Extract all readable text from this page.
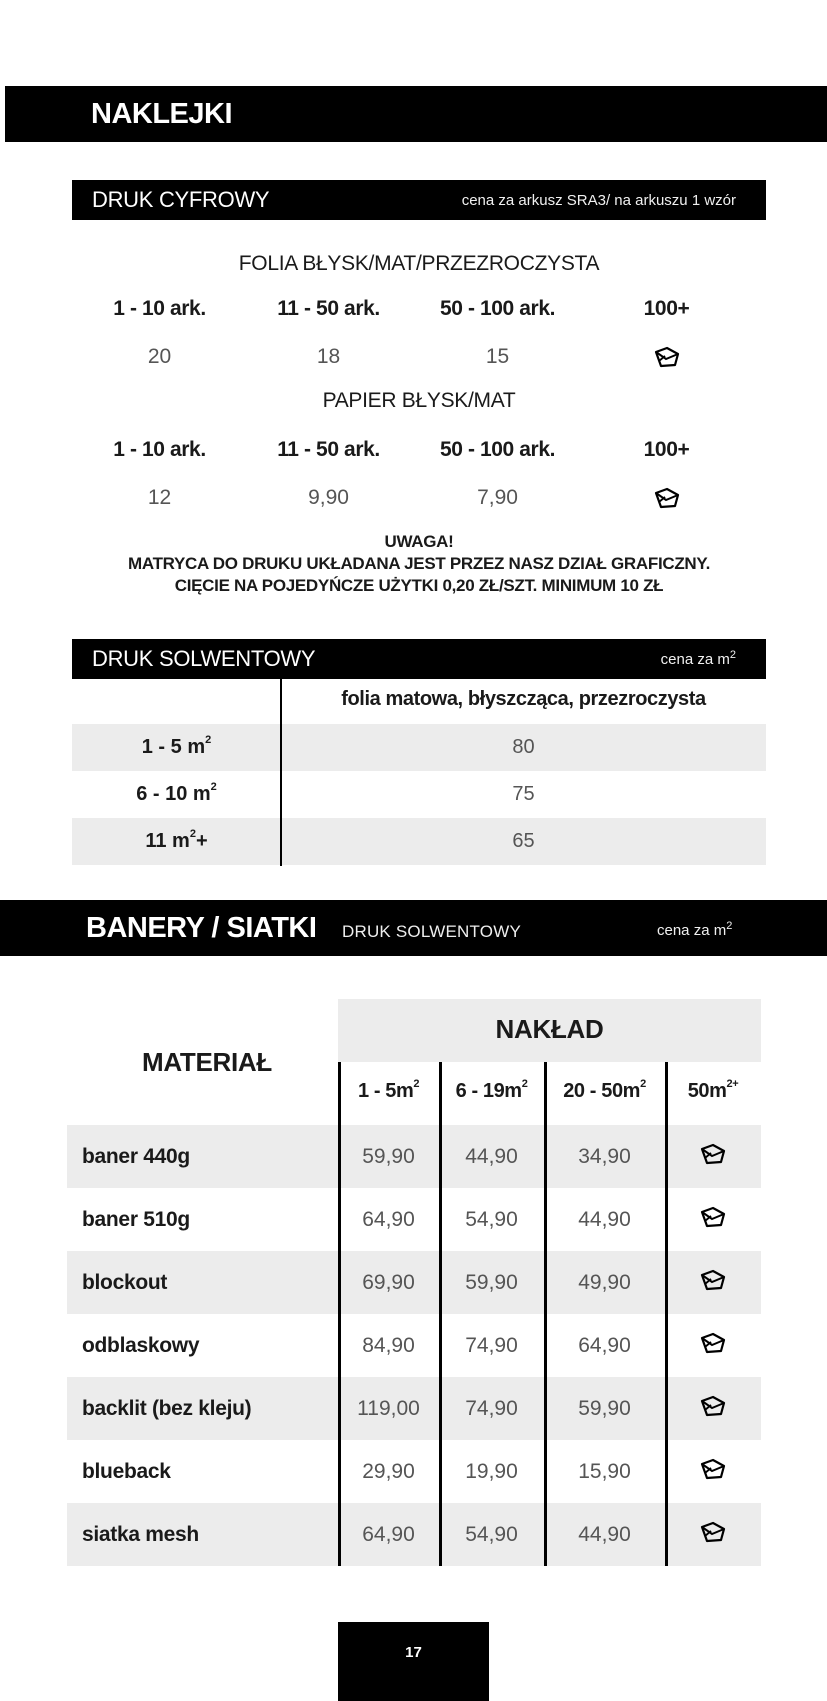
NAKLEJKI
DRUK CYFROWY	cena za arkusz SRA3/ na arkuszu 1 wzór
FOLIA BŁYSK/MAT/PRZEZROCZYSTA
1 - 10 ark.	11 - 50 ark.	50 - 100 ark.	100+
20	18	15
PAPIER BŁYSK/MAT
1 - 10 ark.	11 - 50 ark.	50 - 100 ark.	100+
12	9,90	7,90
UWAGA!
MATRYCA DO DRUKU UKŁADANA JEST PRZEZ NASZ DZIAŁ GRAFICZNY.
CIĘCIE NA POJEDYŃCZE UŻYTKI 0,20 ZŁ/SZT. MINIMUM 10 ZŁ
DRUK SOLWENTOWY	cena za $m^2$
folia matowa, błyszcząca, przezroczysta
1 - 5 $m^2$	80
6 - 10 $m^2$	75
11 $m^2+$	65
BANERY / SIATKI DRUK SOLWENTOWY	cena za $m^2$
NAKŁAD
MATERIAŁ
$1 - 5m^2$	$6 - 19m^2$	$20 - 50m^2$	$50m^{2+}$
baner 440g	59,90	44,90	34,90
baner 510g	64,90	54,90	44,90
blockout	69,90	59,90	49,90
odblaskowy	84,90	74,90	64,90
backlit (bez kleju)	119,00	74,90	59,90
blueback	29,90	19,90	15,90
siatka mesh	64,90	54,90	44,90
17
